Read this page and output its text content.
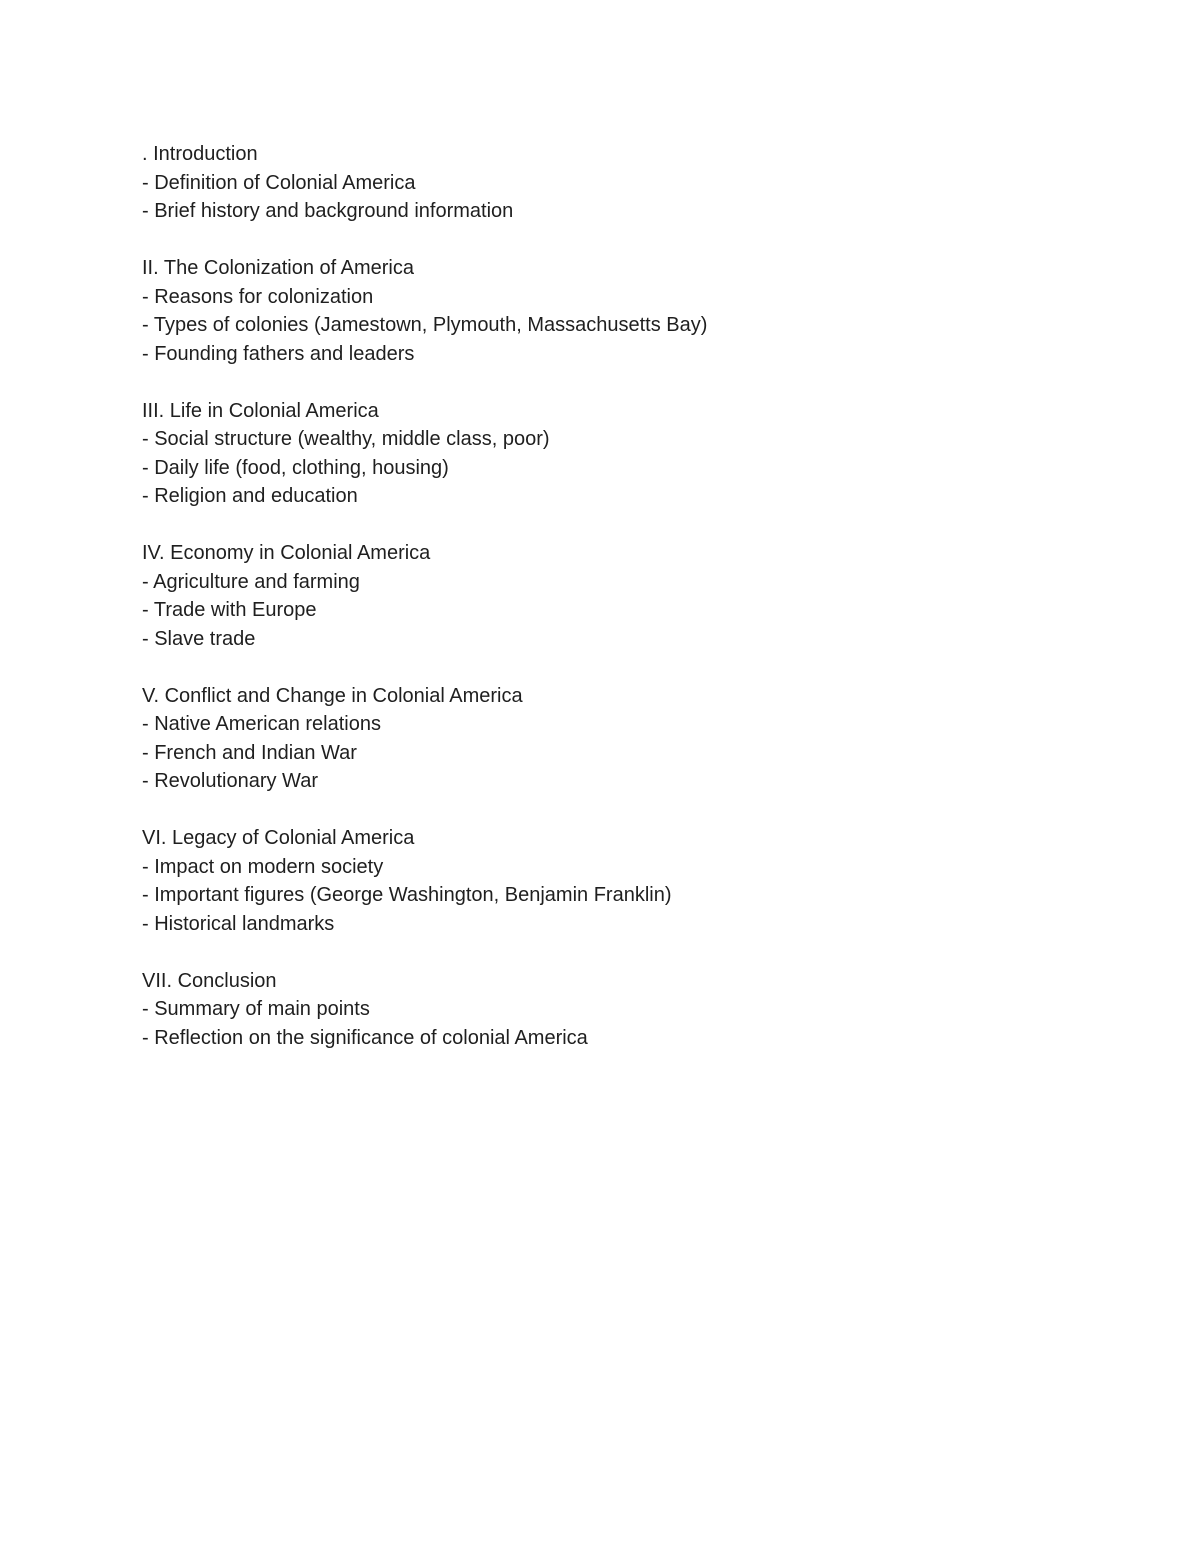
. Introduction
- Definition of Colonial America
- Brief history and background information
II. The Colonization of America
- Reasons for colonization
- Types of colonies (Jamestown, Plymouth, Massachusetts Bay)
- Founding fathers and leaders
III. Life in Colonial America
- Social structure (wealthy, middle class, poor)
- Daily life (food, clothing, housing)
- Religion and education
IV. Economy in Colonial America
- Agriculture and farming
- Trade with Europe
- Slave trade
V. Conflict and Change in Colonial America
- Native American relations
- French and Indian War
- Revolutionary War
VI. Legacy of Colonial America
- Impact on modern society
- Important figures (George Washington, Benjamin Franklin)
- Historical landmarks
VII. Conclusion
- Summary of main points
- Reflection on the significance of colonial America
